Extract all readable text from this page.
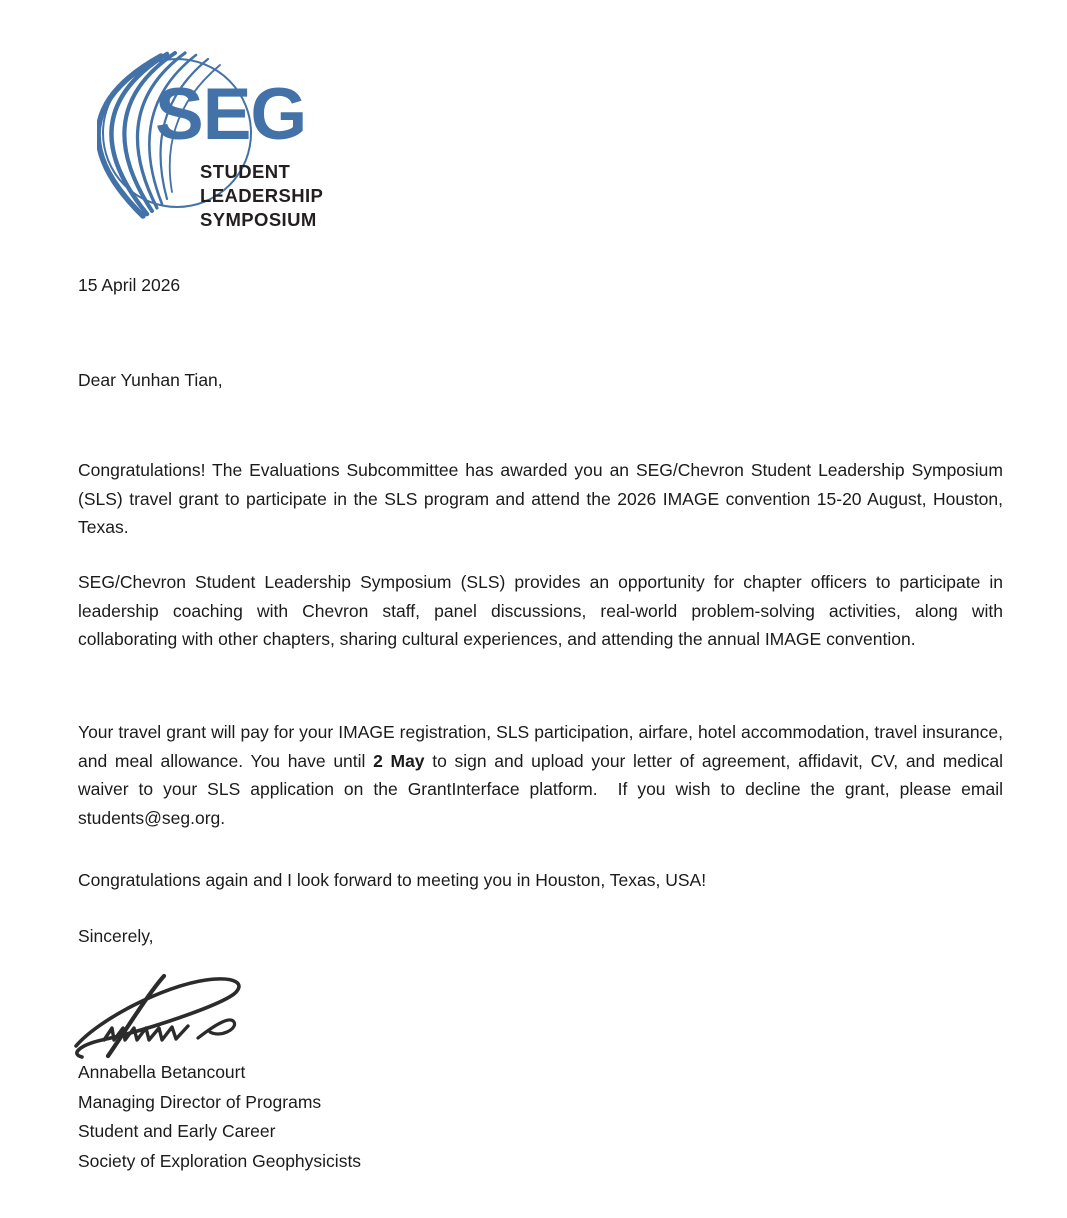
SEG
STUDENT
LEADERSHIP
SYMPOSIUM
15 April 2026
Dear Yunhan Tian,

Congratulations! The Evaluations Subcommittee has awarded you an SEG/Chevron Student Leadership Symposium (SLS) travel grant to participate in the SLS program and attend the 2026 IMAGE convention 15-20 August, Houston, Texas.

SEG/Chevron Student Leadership Symposium (SLS) provides an opportunity for chapter officers to participate in leadership coaching with Chevron staff, panel discussions, real-world problem-solving activities, along with collaborating with other chapters, sharing cultural experiences, and attending the annual IMAGE convention.

Your travel grant will pay for your IMAGE registration, SLS participation, airfare, hotel accommodation, travel insurance, and meal allowance. You have until 2 May to sign and upload your letter of agreement, affidavit, CV, and medical waiver to your SLS application on the GrantInterface platform.  If you wish to decline the grant, please email students@seg.org.

Congratulations again and I look forward to meeting you in Houston, Texas, USA!

Sincerely,
Annabella Betancourt
Managing Director of Programs
Student and Early Career
Society of Exploration Geophysicists
